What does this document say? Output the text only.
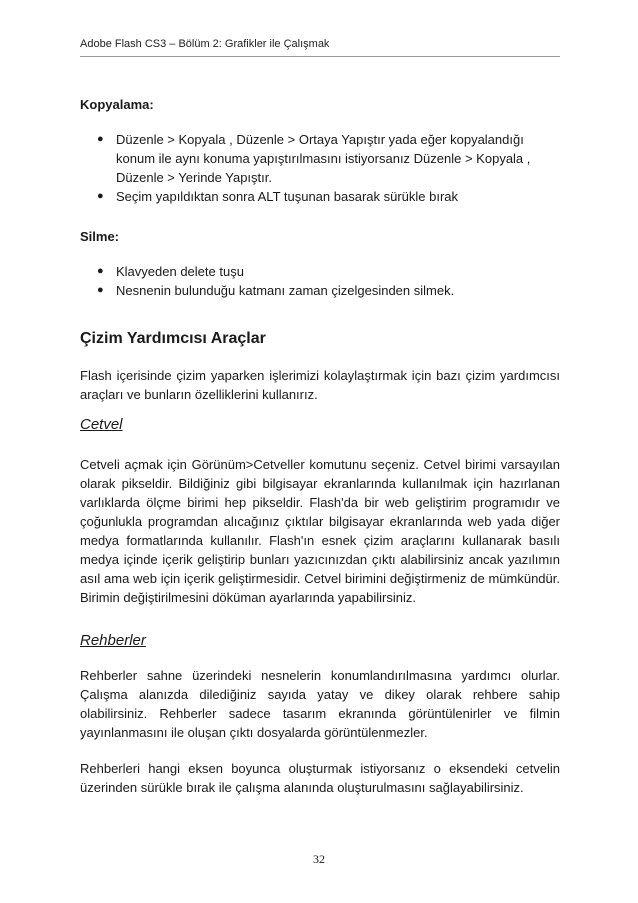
Adobe Flash CS3 – Bölüm 2: Grafikler ile Çalışmak
Kopyalama:
● Düzenle > Kopyala , Düzenle > Ortaya Yapıştır yada eğer kopyalandığı konum ile aynı konuma yapıştırılmasını istiyorsanız Düzenle > Kopyala , Düzenle > Yerinde Yapıştır.
● Seçim yapıldıktan sonra ALT tuşunan basarak sürükle bırak
Silme:
● Klavyeden delete tuşu
● Nesnenin bulunduğu katmanı zaman çizelgesinden silmek.
Çizim Yardımcısı Araçlar

Flash içerisinde çizim yaparken işlerimizi kolaylaştırmak için bazı çizim yardımcısı araçları ve bunların özelliklerini kullanırız.

Cetvel

Cetveli açmak için Görünüm>Cetveller komutunu seçeniz. Cetvel birimi varsayılan olarak pikseldir. Bildiğiniz gibi bilgisayar ekranlarında kullanılmak için hazırlanan varlıklarda ölçme birimi hep pikseldir. Flash'da bir web geliştirim programıdır ve çoğunlukla programdan alıcağınız çıktılar bilgisayar ekranlarında web yada diğer medya formatlarında kullanılır. Flash'ın esnek çizim araçlarını kullanarak basılı medya içinde içerik geliştirip bunları yazıcınızdan çıktı alabilirsiniz ancak yazılımın asıl ama web için içerik geliştirmesidir. Cetvel birimini değiştirmeniz de mümkündür. Birimin değiştirilmesini döküman ayarlarında yapabilirsiniz.

Rehberler

Rehberler sahne üzerindeki nesnelerin konumlandırılmasına yardımcı olurlar. Çalışma alanızda dilediğiniz sayıda yatay ve dikey olarak rehbere sahip olabilirsiniz. Rehberler sadece tasarım ekranında görüntülenirler ve filmin yayınlanmasını ile oluşan çıktı dosyalarda görüntülenmezler.

Rehberleri hangi eksen boyunca oluşturmak istiyorsanız o eksendeki cetvelin üzerinden sürükle bırak ile çalışma alanında oluşturulmasını sağlayabilirsiniz.

32
